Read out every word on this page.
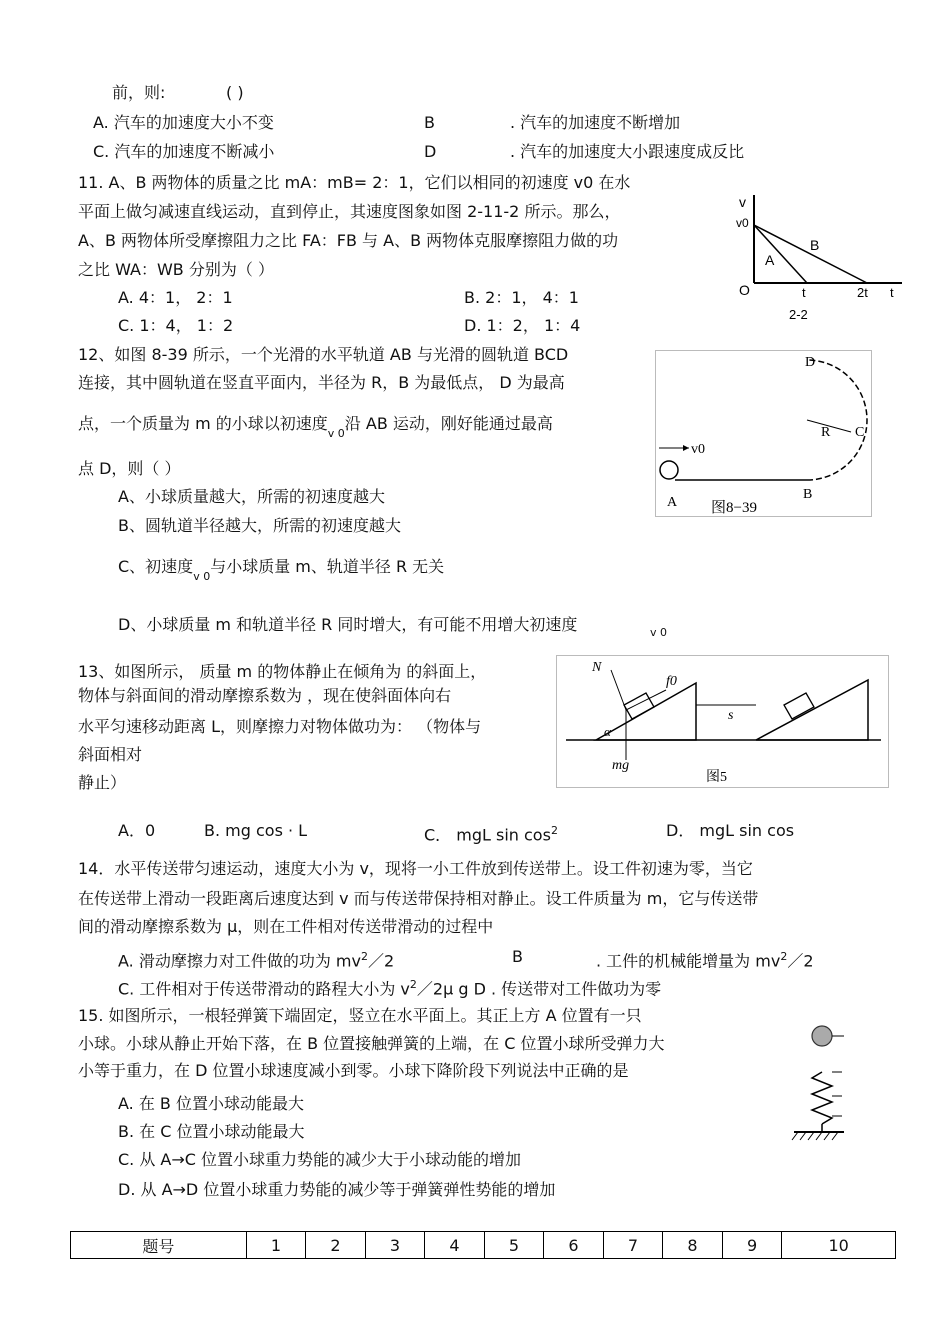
前，则:	( )
A. 汽车的加速度大小不变	B	. 汽车的加速度不断增加
C. 汽车的加速度不断减小	D	. 汽车的加速度大小跟速度成反比
11. A、B 两物体的质量之比 mA：mB= 2：1，它们以相同的初速度 v0 在水
平面上做匀减速直线运动，直到停止，其速度图象如图 2-11-2 所示。那么，
A、B 两物体所受摩擦阻力之比 FA：FB 与 A、B 两物体克服摩擦阻力做的功
之比 WA：WB 分别为（ ）
A. 4：1， 2：1	B. 2：1， 4：1
C. 1：4， 1：2	D. 1：2， 1：4
v
v0
A
B
O	t	2t t
2-2
12、如图 8-39 所示，一个光滑的水平轨道 AB 与光滑的圆轨道 BCD
连接，其中圆轨道在竖直平面内，半径为 R，B 为最低点， D 为最高
点，一个质量为 m 的小球以初速度$_{v 0}$沿 AB 运动，刚好能通过最高
点 D，则（ ）
A、小球质量越大，所需的初速度越大
B、圆轨道半径越大，所需的初速度越大
C、初速度$_{v 0}$与小球质量 m、轨道半径 R 无关
D、小球质量 m 和轨道半径 R 同时增大，有可能不用增大初速度	v 0
v0
D
C
R
A
B
图8−39
13、如图所示， 质量 m 的物体静止在倾角为 的斜面上，
物体与斜面间的滑动摩擦系数为 ，现在使斜面体向右
水平匀速移动距离 L，则摩擦力对物体做功为： （物体与
斜面相对
静止）
A．0	B. mg cos · L	C． mgL $\sin \cos^2$	D． mgL sin cos
N
f0
s
α
mg
图5
14．水平传送带匀速运动，速度大小为 v，现将一小工件放到传送带上。设工件初速为零，当它
在传送带上滑动一段距离后速度达到 v 而与传送带保持相对静止。设工件质量为 m，它与传送带
间的滑动摩擦系数为 μ，则在工件相对传送带滑动的过程中
A. 滑动摩擦力对工件做的功为 $mv^2/2$	B	. 工件的机械能增量为 $mv^2/2$
C. 工件相对于传送带滑动的路程大小为 $v^2/2\mu$ g D . 传送带对工件做功为零
15. 如图所示，一根轻弹簧下端固定，竖立在水平面上。其正上方 A 位置有一只
小球。小球从静止开始下落，在 B 位置接触弹簧的上端，在 C 位置小球所受弹力大
小等于重力，在 D 位置小球速度减小到零。小球下降阶段下列说法中正确的是
A. 在 B 位置小球动能最大
B. 在 C 位置小球动能最大
C. 从 A→C 位置小球重力势能的减少大于小球动能的增加
D. 从 A→D 位置小球重力势能的减少等于弹簧弹性势能的增加
题号	1	2	3	4	5	6	7	8	9	10
